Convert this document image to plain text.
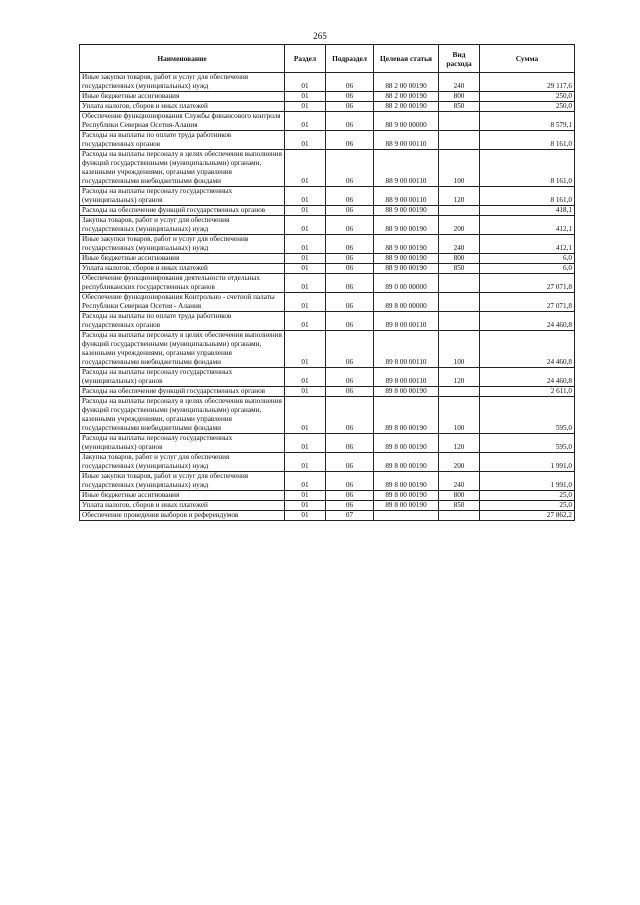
265
Наименование	Раздел	Подраздел	Целевая статья	Вид расхода	Сумма
Иные закупки товаров, работ и услуг для обеспечения государственных (муниципальных) нужд	01	06	88 2 00 00190	240	29 117,6
Иные бюджетные ассигнования	01	06	88 2 00 00190	800	250,0
Уплата налогов, сборов и иных платежей	01	06	88 2 00 00190	850	250,0
Обеспечение функционирования Службы финансового контроля Республики Северная Осетия-Алания	01	06	88 9 00 00000		8 579,1
Расходы на выплаты по оплате труда работников государственных органов	01	06	88 9 00 00110		8 161,0
Расходы на выплаты персоналу в целях обеспечения выполнения функций государственными (муниципальными) органами, казенными учреждениями, органами управления государственными внебюджетными фондами	01	06	88 9 00 00110	100	8 161,0
Расходы на выплаты персоналу государственных (муниципальных) органов	01	06	88 9 00 00110	120	8 161,0
Расходы на обеспечение функций государственных органов	01	06	88 9 00 00190		418,1
Закупка товаров, работ и услуг для обеспечения государственных (муниципальных) нужд	01	06	88 9 00 00190	200	412,1
Иные закупки товаров, работ и услуг для обеспечения государственных (муниципальных) нужд	01	06	88 9 00 00190	240	412,1
Иные бюджетные ассигнования	01	06	88 9 00 00190	800	6,0
Уплата налогов, сборов и иных платежей	01	06	88 9 00 00190	850	6,0
Обеспечение функционирования деятельности отдельных республиканских государственных органов	01	06	89 0 00 00000		27 071,8
Обеспечение функционирования Контрольно - счетной палаты Республики Северная Осетия - Алания	01	06	89 8 00 00000		27 071,8
Расходы на выплаты по оплате труда работников государственных органов	01	06	89 8 00 00110		24 460,8
Расходы на выплаты персоналу в целях обеспечения выполнения функций государственными (муниципальными) органами, казенными учреждениями, органами управления государственными внебюджетными фондами	01	06	89 8 00 00110	100	24 460,8
Расходы на выплаты персоналу государственных (муниципальных) органов	01	06	89 8 00 00110	120	24 460,8
Расходы на обеспечение функций государственных органов	01	06	89 8 00 00190		2 611,0
Расходы на выплаты персоналу в целях обеспечения выполнения функций государственными (муниципальными) органами, казенными учреждениями, органами управления государственными внебюджетными фондами	01	06	89 8 00 00190	100	595,0
Расходы на выплаты персоналу государственных (муниципальных) органов	01	06	89 8 00 00190	120	595,0
Закупка товаров, работ и услуг для обеспечения государственных (муниципальных) нужд	01	06	89 8 00 00190	200	1 991,0
Иные закупки товаров, работ и услуг для обеспечения государственных (муниципальных) нужд	01	06	89 8 00 00190	240	1 991,0
Иные бюджетные ассигнования	01	06	89 8 00 00190	800	25,0
Уплата налогов, сборов и иных платежей	01	06	89 8 00 00190	850	25,0
Обеспечение проведения выборов и референдумов	01	07			27 862,2
